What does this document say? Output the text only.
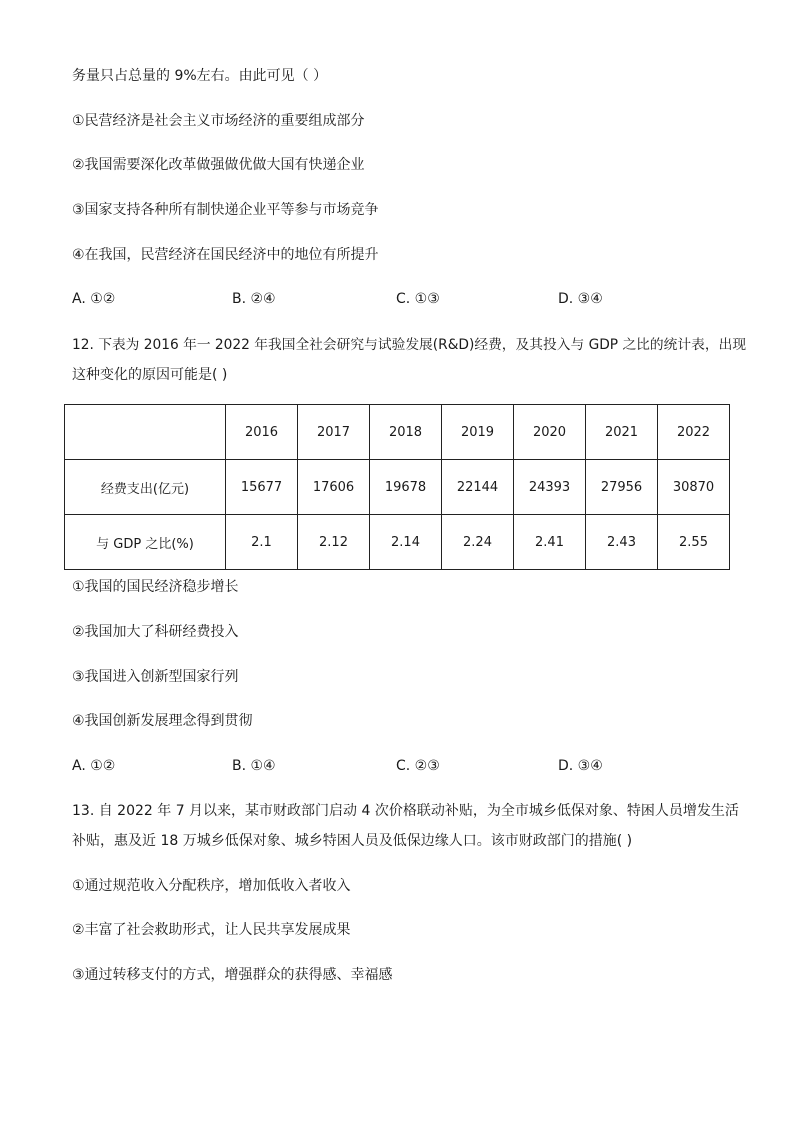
务量只占总量的 9%左右。由此可见（ ）
①民营经济是社会主义市场经济的重要组成部分
②我国需要深化改革做强做优做大国有快递企业
③国家支持各种所有制快递企业平等参与市场竞争
④在我国，民营经济在国民经济中的地位有所提升
A. ①②	B. ②④	C. ①③	D. ③④
12. 下表为 2016 年一 2022 年我国全社会研究与试验发展(R&D)经费，及其投入与 GDP 之比的统计表，出现
这种变化的原因可能是( )
	2016	2017	2018	2019	2020	2021	2022
经费支出(亿元)	15677	17606	19678	22144	24393	27956	30870
与 GDP 之比(%)	2.1	2.12	2.14	2.24	2.41	2.43	2.55
①我国的国民经济稳步增长
②我国加大了科研经费投入
③我国进入创新型国家行列
④我国创新发展理念得到贯彻
A. ①②	B. ①④	C. ②③	D. ③④
13. 自 2022 年 7 月以来，某市财政部门启动 4 次价格联动补贴，为全市城乡低保对象、特困人员增发生活
补贴，惠及近 18 万城乡低保对象、城乡特困人员及低保边缘人口。该市财政部门的措施( )
①通过规范收入分配秩序，增加低收入者收入
②丰富了社会救助形式，让人民共享发展成果
③通过转移支付的方式，增强群众的获得感、幸福感
